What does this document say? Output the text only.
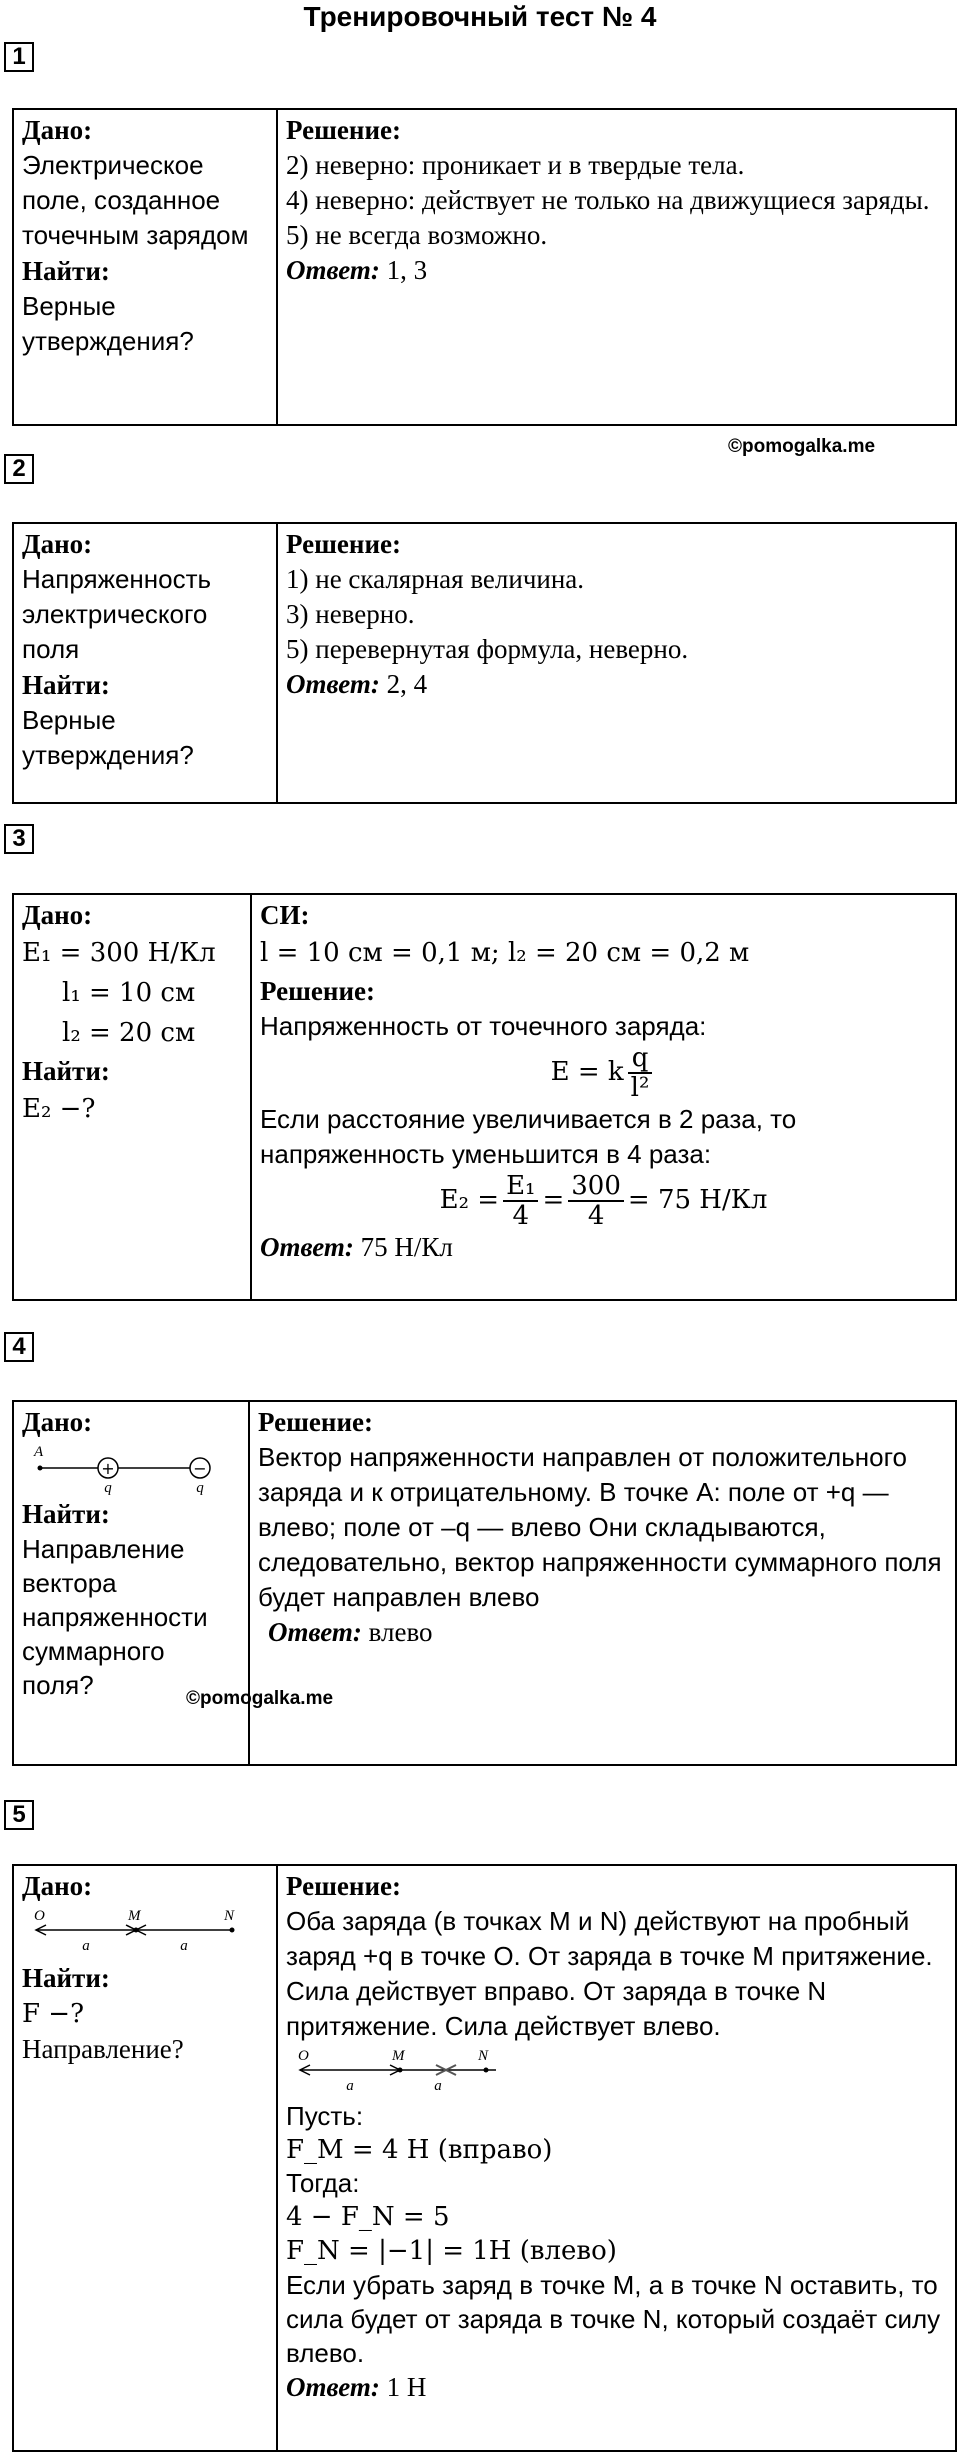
Тренировочный тест № 4
1
Дано:
Электрическое поле, созданное точечным зарядом
Найти:
Верные утверждения?
Решение:
2) неверно: проникает и в твердые тела.
4) неверно: действует не только на движущиеся заряды.
5) не всегда возможно.
Ответ: 1, 3
©pomogalka.me
2
Дано:
Напряженность электрического поля
Найти:
Верные утверждения?
Решение:
1) не скалярная величина.
3) неверно.
5) перевернутая формула, неверно.
Ответ: 2, 4
3
Дано:
E₁ = 300 Н/Кл
l₁ = 10 см
l₂ = 20 см
Найти:
E₂ −?
СИ:
l = 10 см = 0,1 м; l₂ = 20 см = 0,2 м
Решение:
Напряженность от точечного заряда:
E = k $\frac{q}{\text{l²}}$
Если расстояние увеличивается в 2 раза, то напряженность уменьшится в 4 раза:
$E_2 = \frac{\text{E₁}}{4} = \frac{300}{4} = 75$ Н/Кл
Ответ: 75 Н/Кл
4
Дано:
A
+
q
−
q
Найти:
Направление вектора напряженности суммарного поля?
Решение:
Вектор напряженности направлен от положительного заряда и к отрицательному. В точке А: поле от +q — влево; поле от –q — влево Они складываются, следовательно, вектор напряженности суммарного поля будет направлен влево
Ответ: влево
©pomogalka.me
5
Дано:
O	M	N
a	a
Найти:
F −?
Направление?
Решение:
Оба заряда (в точках M и N) действуют на пробный заряд +q в точке O. От заряда в точке M притяжение. Сила действует вправо. От заряда в точке N притяжение. Сила действует влево.
O	M	N
a	a
Пусть:
F_M = 4 Н (вправо)
Тогда:
4 − F_N = 5
F_N = |−1| = 1Н (влево)
Если убрать заряд в точке M, а в точке N оставить, то сила будет от заряда в точке N, который создаёт силу влево.
Ответ: 1 Н
